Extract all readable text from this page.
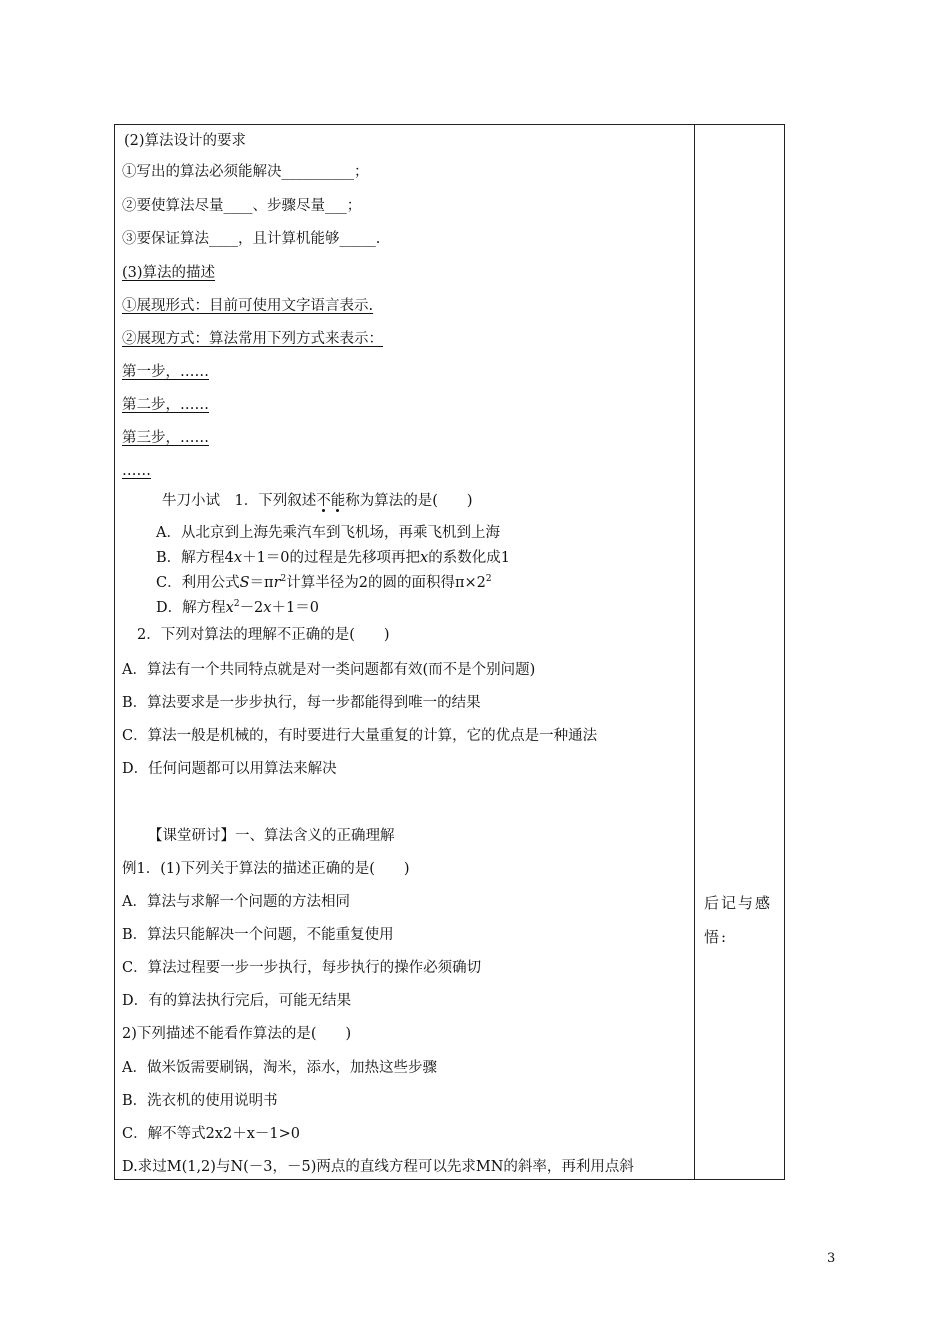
(2)算法设计的要求
①写出的算法必须能解决__________；
②要使算法尽量____、步骤尽量___；
③要保证算法____，且计算机能够_____.
(3)算法的描述
①展现形式：目前可使用文字语言表示.
②展现方式：算法常用下列方式来表示：
第一步，……
第二步，……
第三步，……
……
牛刀小试　1．下列叙述不能称为算法的是(　　)
A．从北京到上海先乘汽车到飞机场，再乘飞机到上海
B．解方程4x＋1＝0的过程是先移项再把x的系数化成1
C．利用公式$S=\pi r^2$计算半径为2的圆的面积得$\pi\times 2^2$
D．解方程$x^2-2x+1=0$
2．下列对算法的理解不正确的是(　　)
A．算法有一个共同特点就是对一类问题都有效(而不是个别问题)
B．算法要求是一步步执行，每一步都能得到唯一的结果
C．算法一般是机械的，有时要进行大量重复的计算，它的优点是一种通法
D．任何问题都可以用算法来解决
【课堂研讨】一、算法含义的正确理解
例1．(1)下列关于算法的描述正确的是(　　)
A．算法与求解一个问题的方法相同
B．算法只能解决一个问题，不能重复使用
C．算法过程要一步一步执行，每步执行的操作必须确切
D．有的算法执行完后，可能无结果
2)下列描述不能看作算法的是(　　)
A．做米饭需要刷锅，淘米，添水，加热这些步骤
B．洗衣机的使用说明书
C．解不等式2x2＋x－1>0
D.求过M(1,2)与N(－3，－5)两点的直线方程可以先求MN的斜率，再利用点斜
后记与感
悟:
3
